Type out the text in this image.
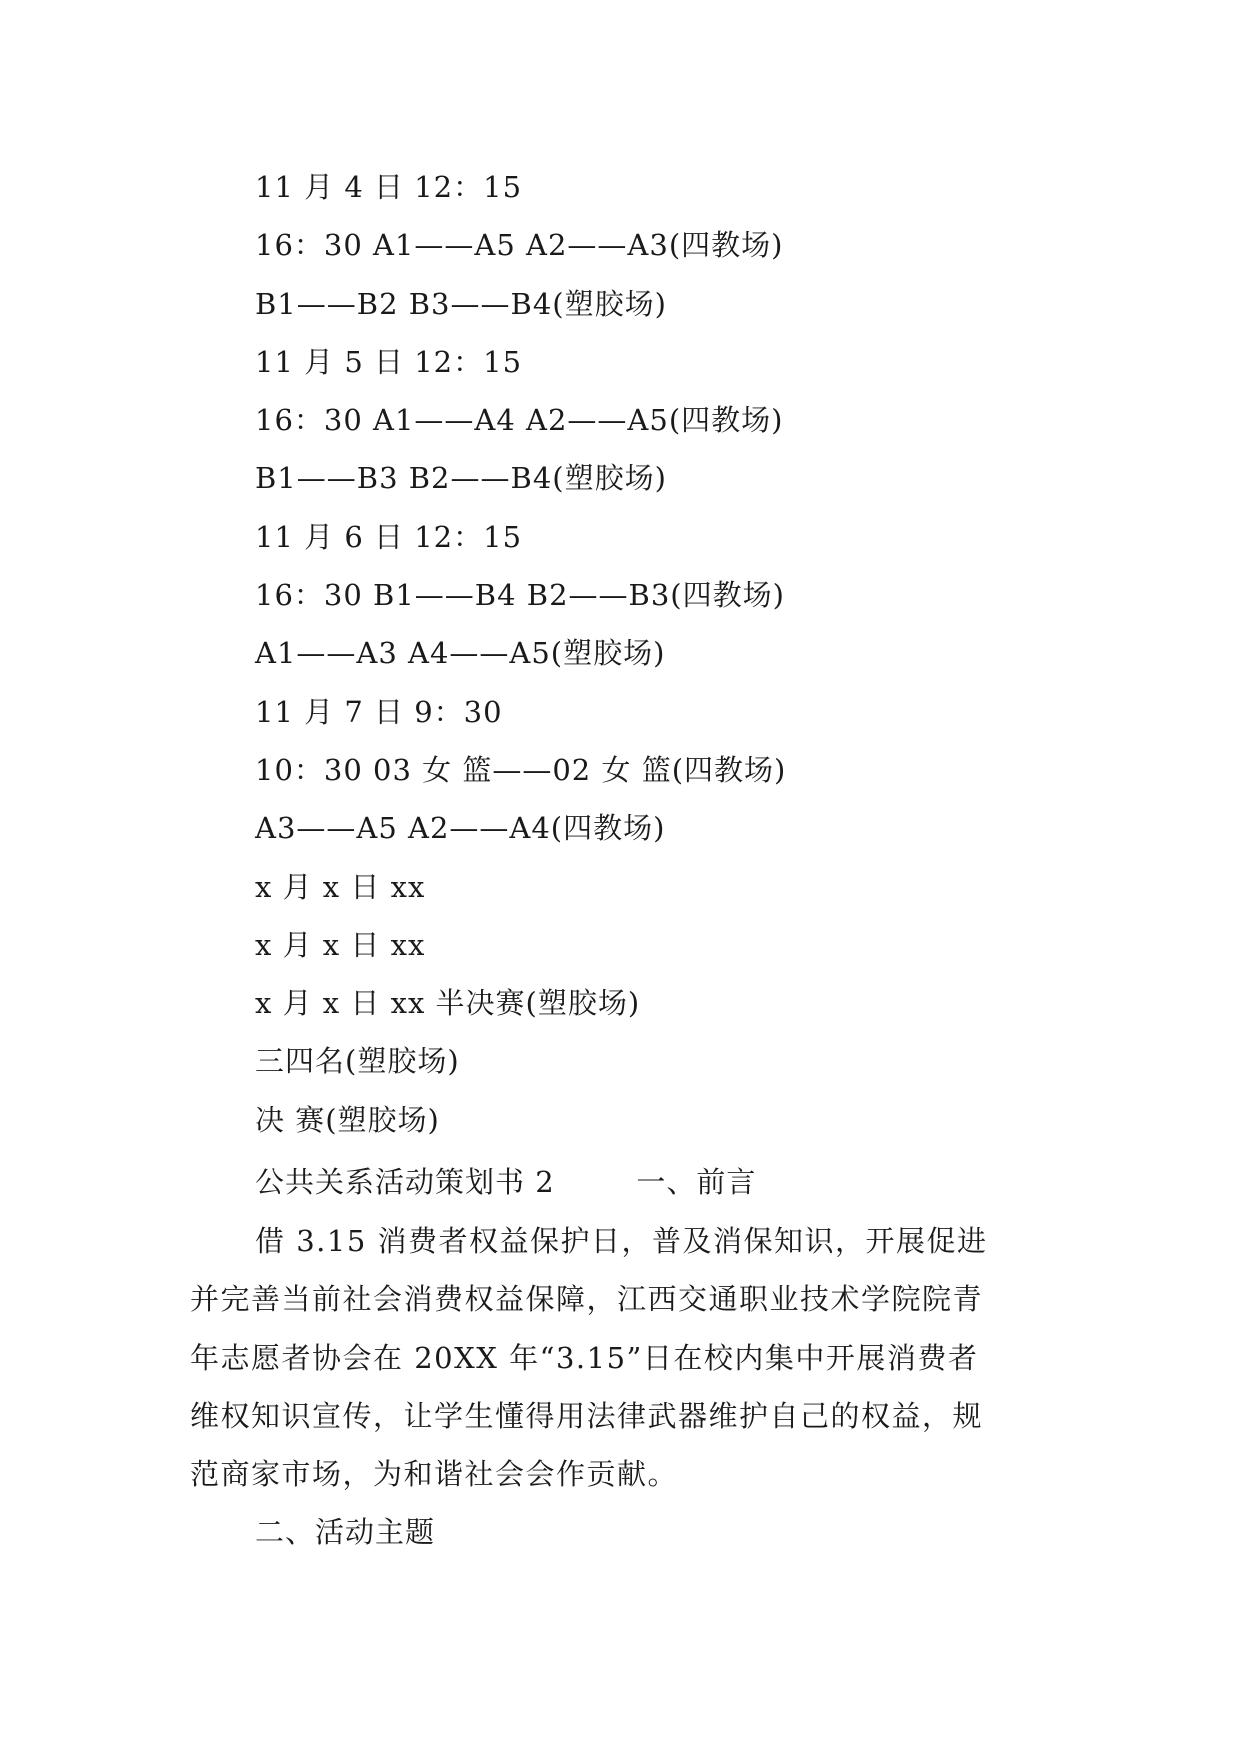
11 月 4 日 12：15
16：30 A1——A5 A2——A3(四教场)
B1——B2 B3——B4(塑胶场)
11 月 5 日 12：15
16：30 A1——A4 A2——A5(四教场)
B1——B3 B2——B4(塑胶场)
11 月 6 日 12：15
16：30 B1——B4 B2——B3(四教场)
A1——A3 A4——A5(塑胶场)
11 月 7 日 9：30
10：30 03 女 篮——02 女 篮(四教场)
A3——A5 A2——A4(四教场)
x 月 x 日 xx
x 月 x 日 xx
x 月 x 日 xx 半决赛(塑胶场)
三四名(塑胶场)
决 赛(塑胶场)
公共关系活动策划书 2        一、前言

借 3.15 消费者权益保护日，普及消保知识，开展促进
并完善当前社会消费权益保障，江西交通职业技术学院院青
年志愿者协会在 20XX 年“3.15”日在校内集中开展消费者
维权知识宣传，让学生懂得用法律武器维护自己的权益，规
范商家市场，为和谐社会会作贡献。

二、活动主题
